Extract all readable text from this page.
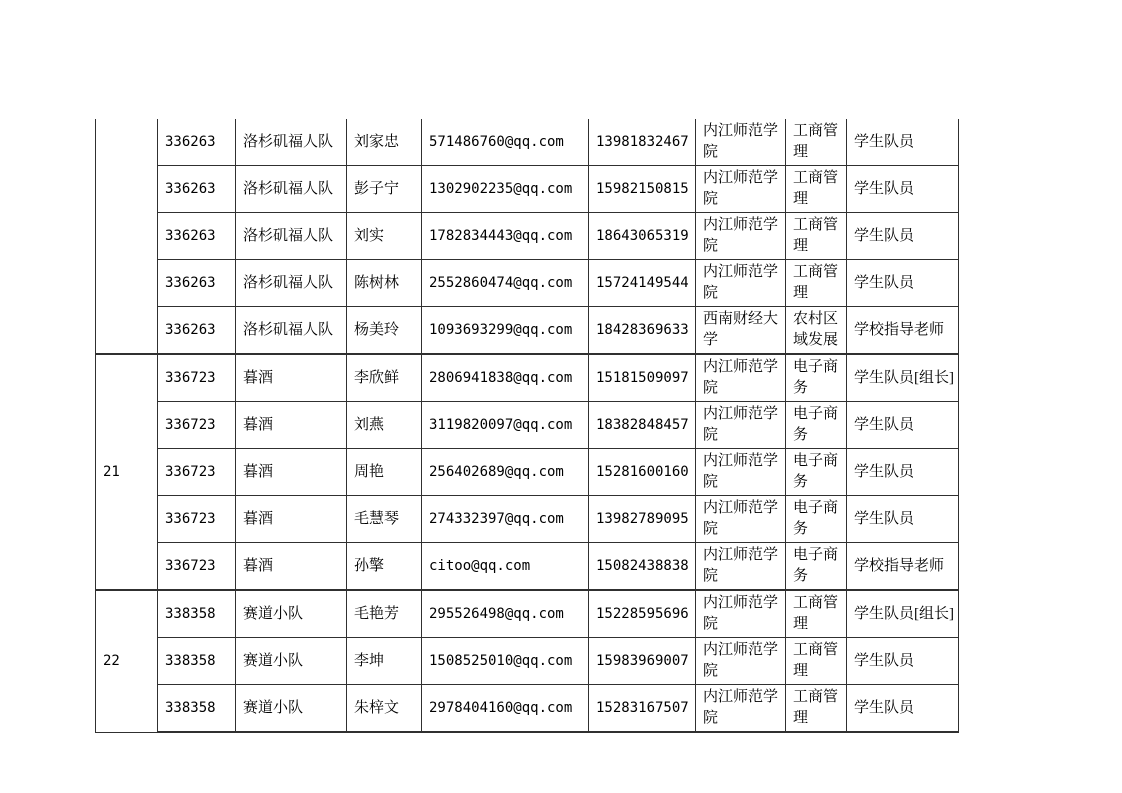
	336263	洛杉矶福人队	刘家忠	571486760@qq.com	13981832467	内江师范学院	工商管理	学生队员
	336263	洛杉矶福人队	彭子宁	1302902235@qq.com	15982150815	内江师范学院	工商管理	学生队员
	336263	洛杉矶福人队	刘实	1782834443@qq.com	18643065319	内江师范学院	工商管理	学生队员
	336263	洛杉矶福人队	陈树林	2552860474@qq.com	15724149544	内江师范学院	工商管理	学生队员
	336263	洛杉矶福人队	杨美玲	1093693299@qq.com	18428369633	西南财经大学	农村区域发展	学校指导老师
21	336723	暮酒	李欣鲜	2806941838@qq.com	15181509097	内江师范学院	电子商务	学生队员[组长]
	336723	暮酒	刘燕	3119820097@qq.com	18382848457	内江师范学院	电子商务	学生队员
	336723	暮酒	周艳	256402689@qq.com	15281600160	内江师范学院	电子商务	学生队员
	336723	暮酒	毛慧琴	274332397@qq.com	13982789095	内江师范学院	电子商务	学生队员
	336723	暮酒	孙擎	citoo@qq.com	15082438838	内江师范学院	电子商务	学校指导老师
22	338358	赛道小队	毛艳芳	295526498@qq.com	15228595696	内江师范学院	工商管理	学生队员[组长]
	338358	赛道小队	李坤	1508525010@qq.com	15983969007	内江师范学院	工商管理	学生队员
	338358	赛道小队	朱梓文	2978404160@qq.com	15283167507	内江师范学院	工商管理	学生队员
